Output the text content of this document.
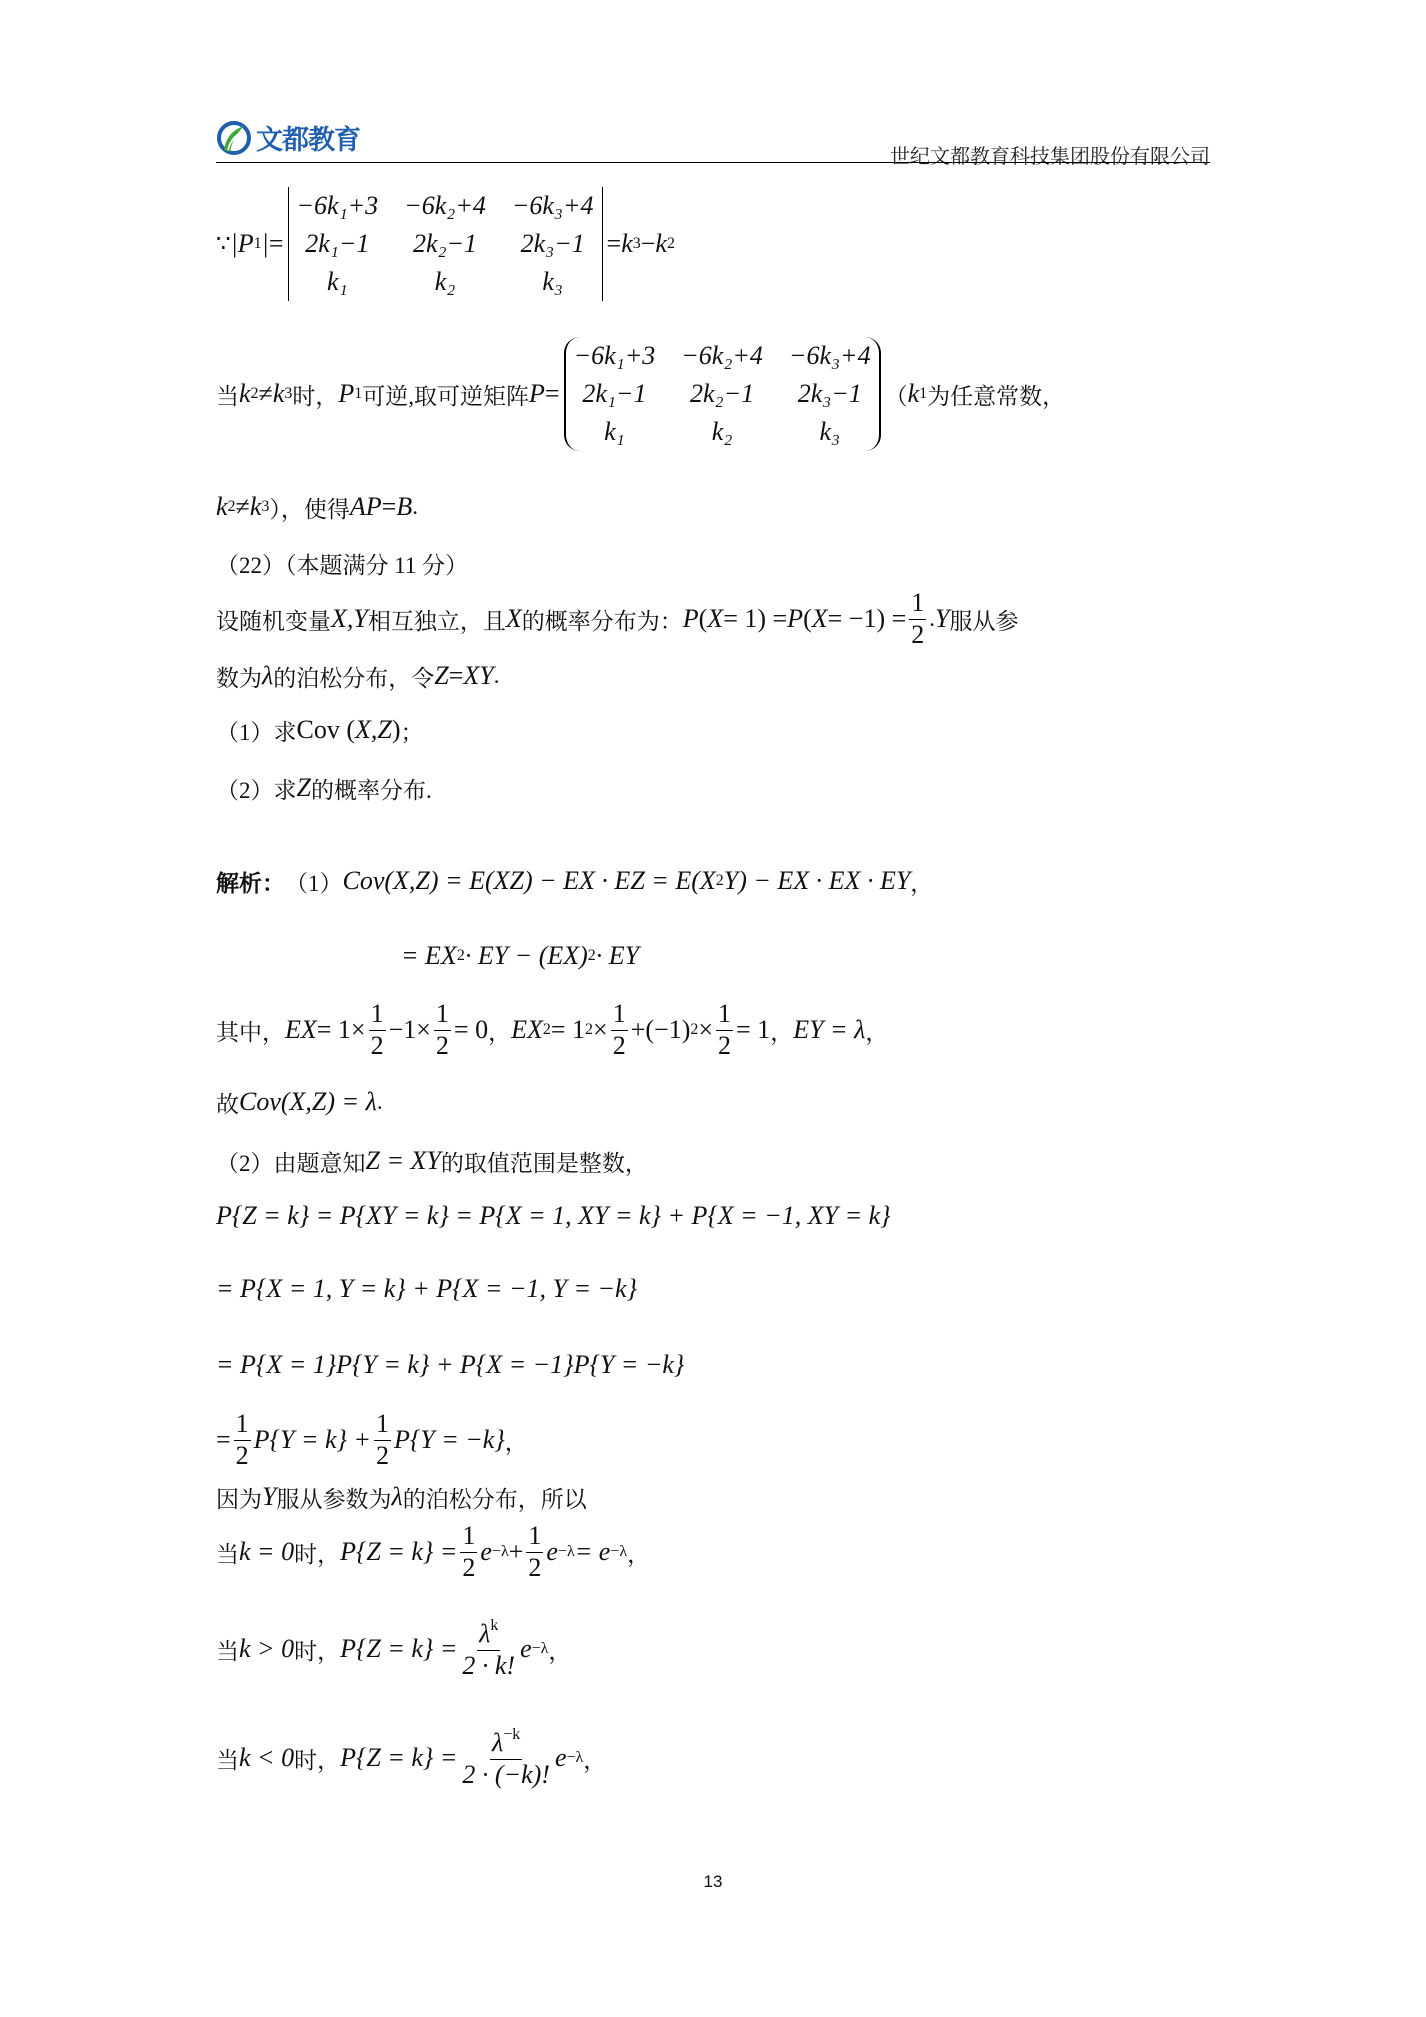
文都教育
世纪文都教育科技集团股份有限公司
∵ |P 1 | =
−6k₁+3 −6k₂+4 −6k₃+4
2k₁−1	2k₂−1	2k₃−1
k₁	k₂	k₃
= k 3 − k 2
当 k 2 ≠ k 3 时， P 1 可逆,取可逆矩阵 P =
−6k₁+3 −6k₂+4 −6k₃+4
2k₁−1	2k₂−1	2k₃−1
k₁	k₂	k₃
（ k 1 为任意常数，
k 2 ≠ k 3 ），使得 AP = B .
（22）（本题满分 11 分）
设随机变量 X,Y 相互独立，且 X 的概率分布为： P ( X = 1) = P ( $X = -1) = \frac{1}{2}$ . Y 服从参
数为 λ 的泊松分布，令 Z = XY .
（1）求 Cov ( X,Z ) ；
（2）求 Z 的概率分布.
解析： （1） Cov(X,Z) = E(XZ) − EX · EZ = E(X 2 Y) − EX · EX · EY ，
= EX 2 · EY − (EX) 2 · EY
其中， EX = $1\times \frac{1}{2} -1\times \frac{1}{2} = 0$ ， EX 2 = 1 $2 \times \frac{1}{2} +(-1) 2 \times \frac{1}{2} = 1$ ， EY = λ ，
故 Cov(X,Z) = λ .
（2）由题意知 Z = XY 的取值范围是整数，
P{Z = k} = P{XY = k} = P{X = 1, XY = k} + P{X = −1, XY = k}
= P{X = 1, Y = k} + P{X = −1, Y = −k}
= P{X = 1}P{Y = k} + P{X = −1}P{Y = −k}
= $\frac{1}{2} P\{Y = k\} + \frac{1}{2} P\{Y = -k\}$ ，
因为 Y 服从参数为 λ 的泊松分布，所以
当 k = 0 时， $P\{Z = k\} = \frac{1}{2}$ $e -\lambda + \frac{1}{2}$ e −λ = e −λ ，
当 k > 0 时， $P\{Z = k\} = \frac{\lambda^k}{2 \cdot k!}$ e −λ ，
当 k < 0 时， $P\{Z = k\} = \frac{\lambda^{-k}}{2 \cdot (-k)!}$ e −λ ，
13
